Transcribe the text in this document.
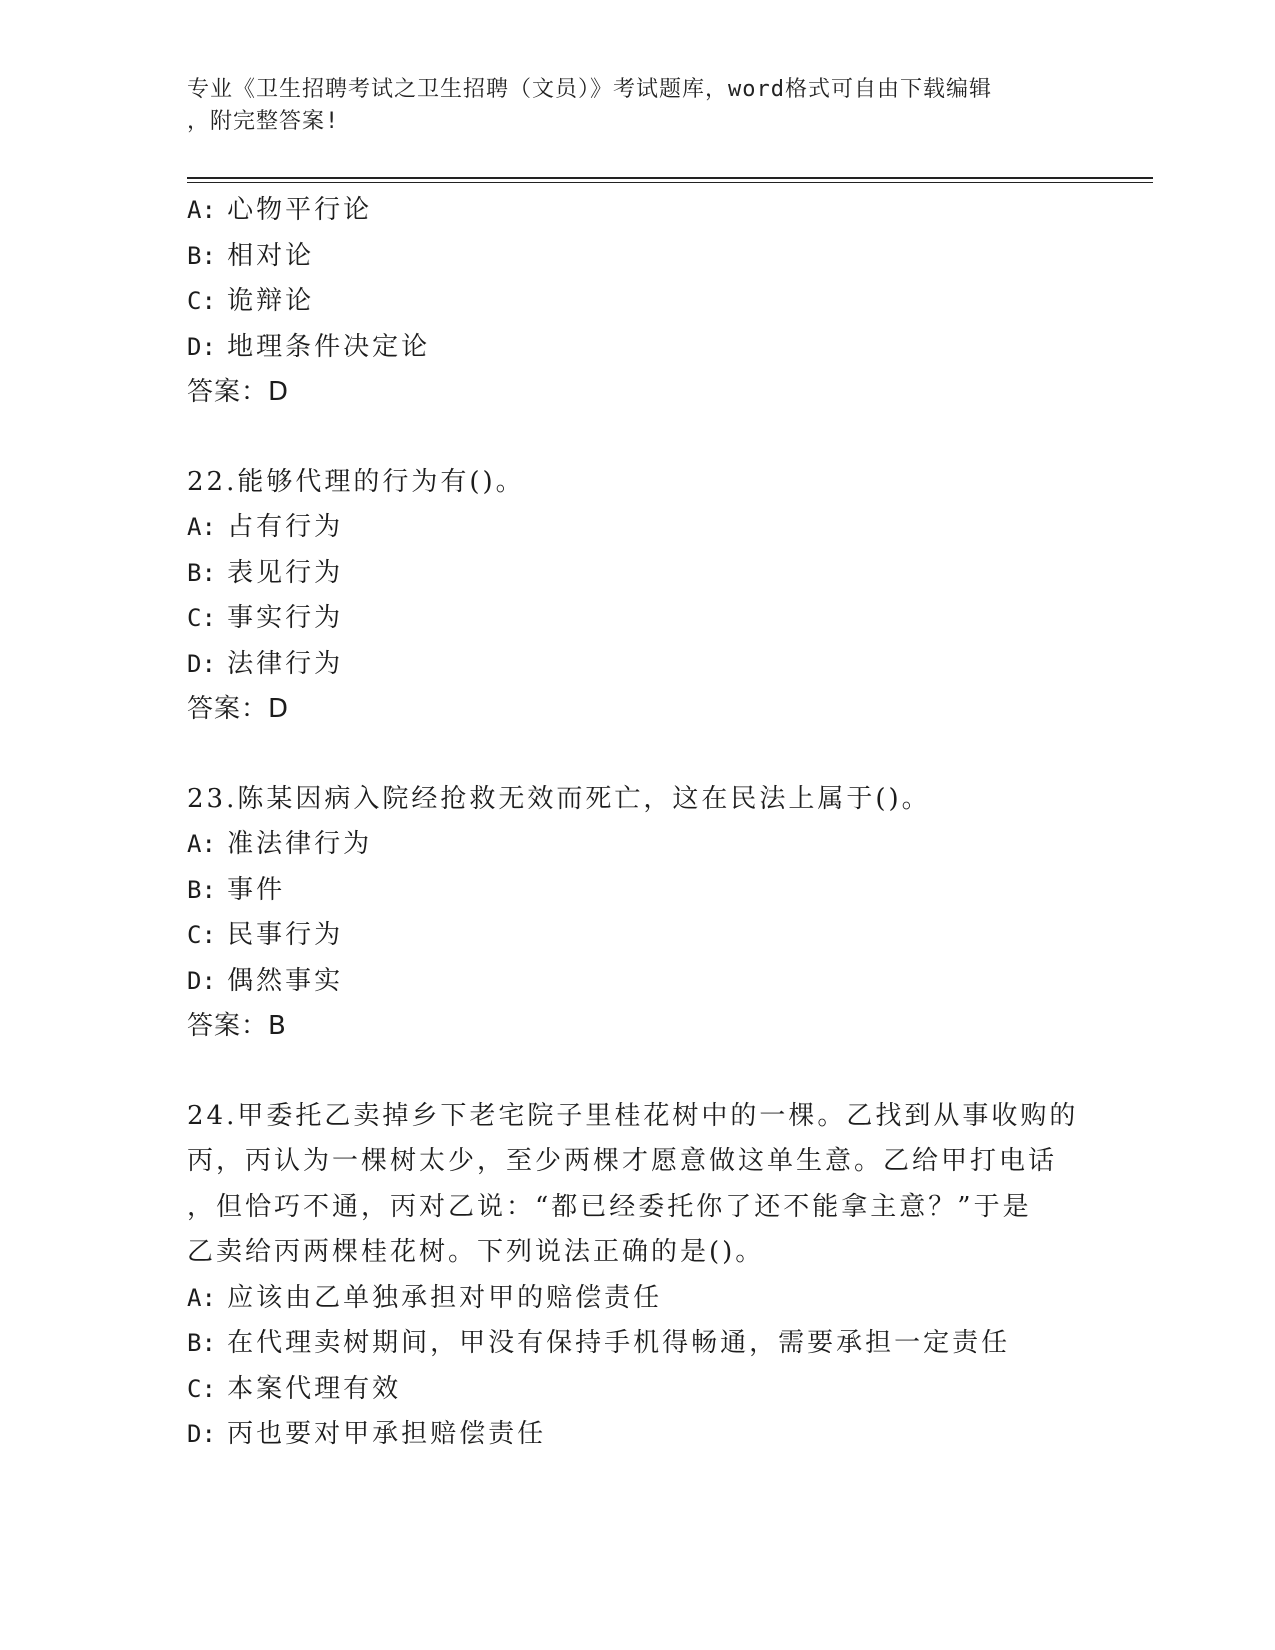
专业《卫生招聘考试之卫生招聘（文员）》考试题库，word格式可自由下载编辑
，附完整答案!
A: 心物平行论
B: 相对论
C: 诡辩论
D: 地理条件决定论
答案：D
22.能够代理的行为有()。
A: 占有行为
B: 表见行为
C: 事实行为
D: 法律行为
答案：D
23.陈某因病入院经抢救无效而死亡，这在民法上属于()。
A: 准法律行为
B: 事件
C: 民事行为
D: 偶然事实
答案：B
24.甲委托乙卖掉乡下老宅院子里桂花树中的一棵。乙找到从事收购的
丙，丙认为一棵树太少，至少两棵才愿意做这单生意。乙给甲打电话
，但恰巧不通，丙对乙说：“都已经委托你了还不能拿主意？”于是
乙卖给丙两棵桂花树。下列说法正确的是()。
A: 应该由乙单独承担对甲的赔偿责任
B: 在代理卖树期间，甲没有保持手机得畅通，需要承担一定责任
C: 本案代理有效
D: 丙也要对甲承担赔偿责任
